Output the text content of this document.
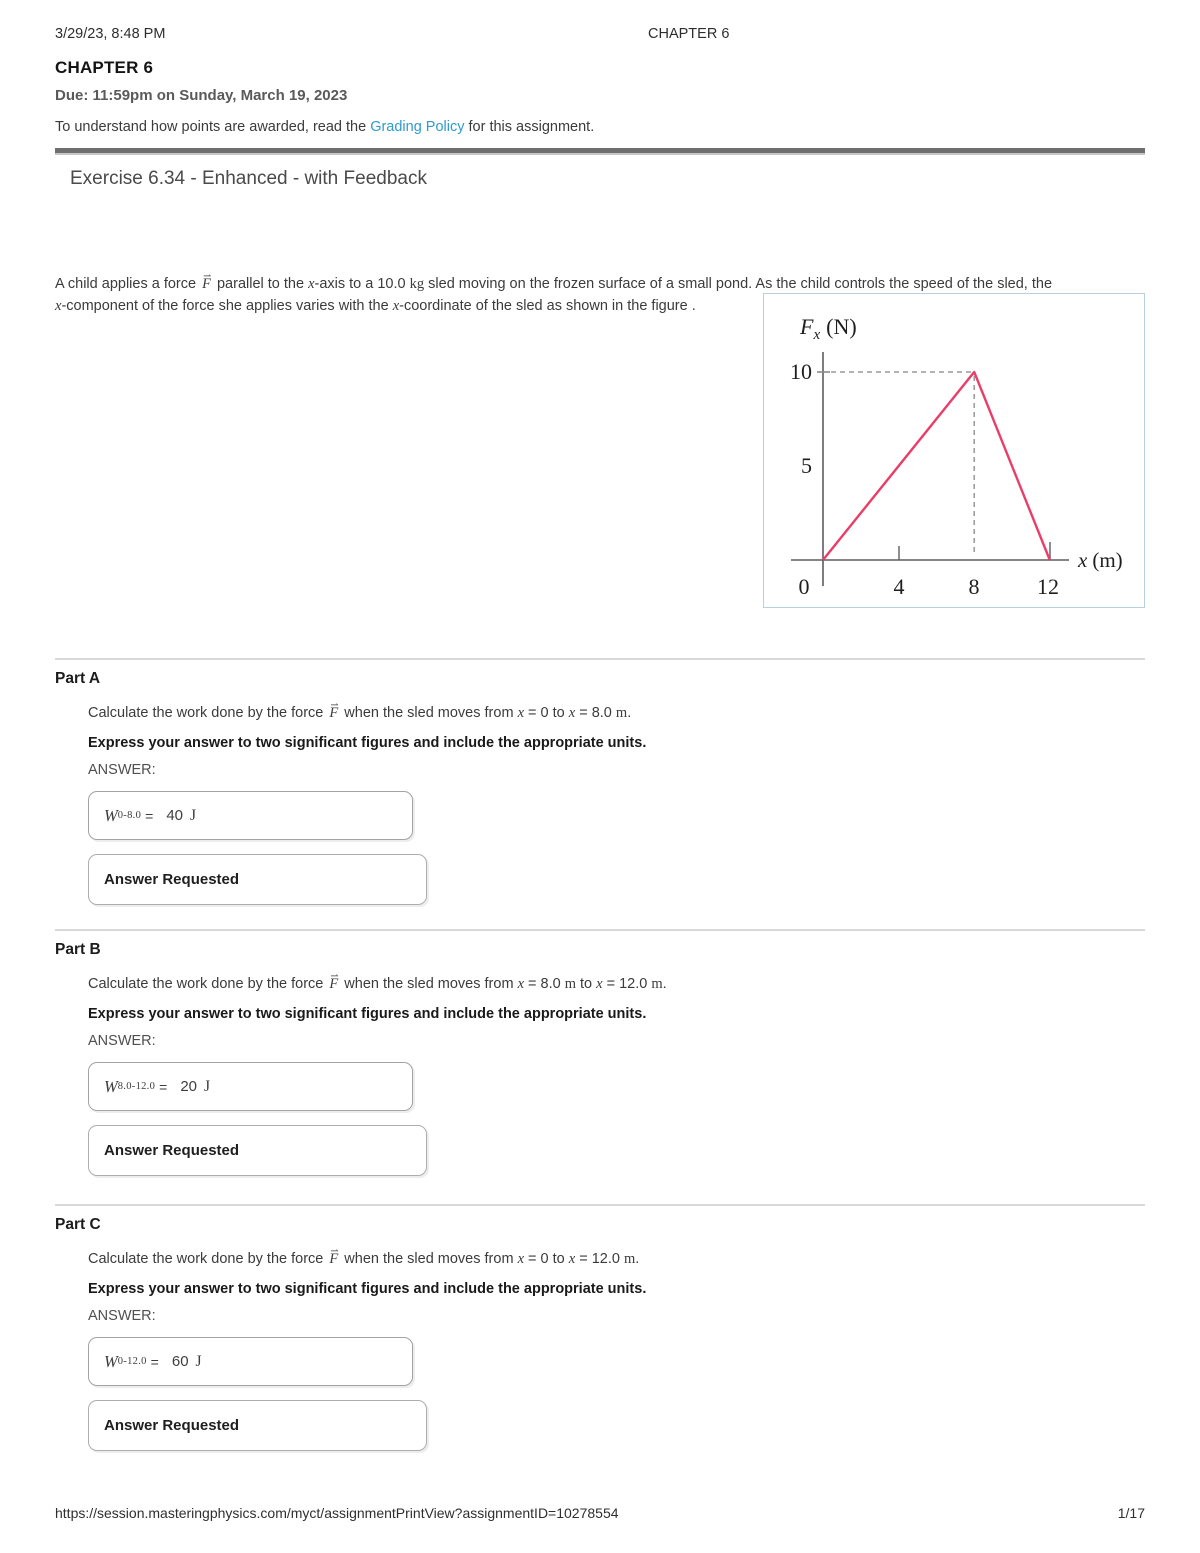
3/29/23, 8:48 PM	CHAPTER 6
CHAPTER 6
Due: 11:59pm on Sunday, March 19, 2023
To understand how points are awarded, read the Grading Policy for this assignment.
Exercise 6.34 - Enhanced - with Feedback
A child applies a force F ⇀ parallel to the x-axis to a 10.0 kg sled moving on the frozen surface of a small pond. As the child controls the speed of the sled, the
x-component of the force she applies varies with the x-coordinate of the sled as shown in the figure .
$F_x$ (N)
10
5
0	4	8	12
x (m)
Part A
Calculate the work done by the force F ⇀ when the sled moves from x = 0 to x = 8.0 m.
Express your answer to two significant figures and include the appropriate units.
ANSWER:
W 0-8.0 = 40 J
Answer Requested
Part B
Calculate the work done by the force F ⇀ when the sled moves from x = 8.0 m to x = 12.0 m.
Express your answer to two significant figures and include the appropriate units.
ANSWER:
W 8.0-12.0 = 20 J
Answer Requested
Part C
Calculate the work done by the force F ⇀ when the sled moves from x = 0 to x = 12.0 m.
Express your answer to two significant figures and include the appropriate units.
ANSWER:
W 0-12.0 = 60 J
Answer Requested
https://session.masteringphysics.com/myct/assignmentPrintView?assignmentID=10278554	1/17
